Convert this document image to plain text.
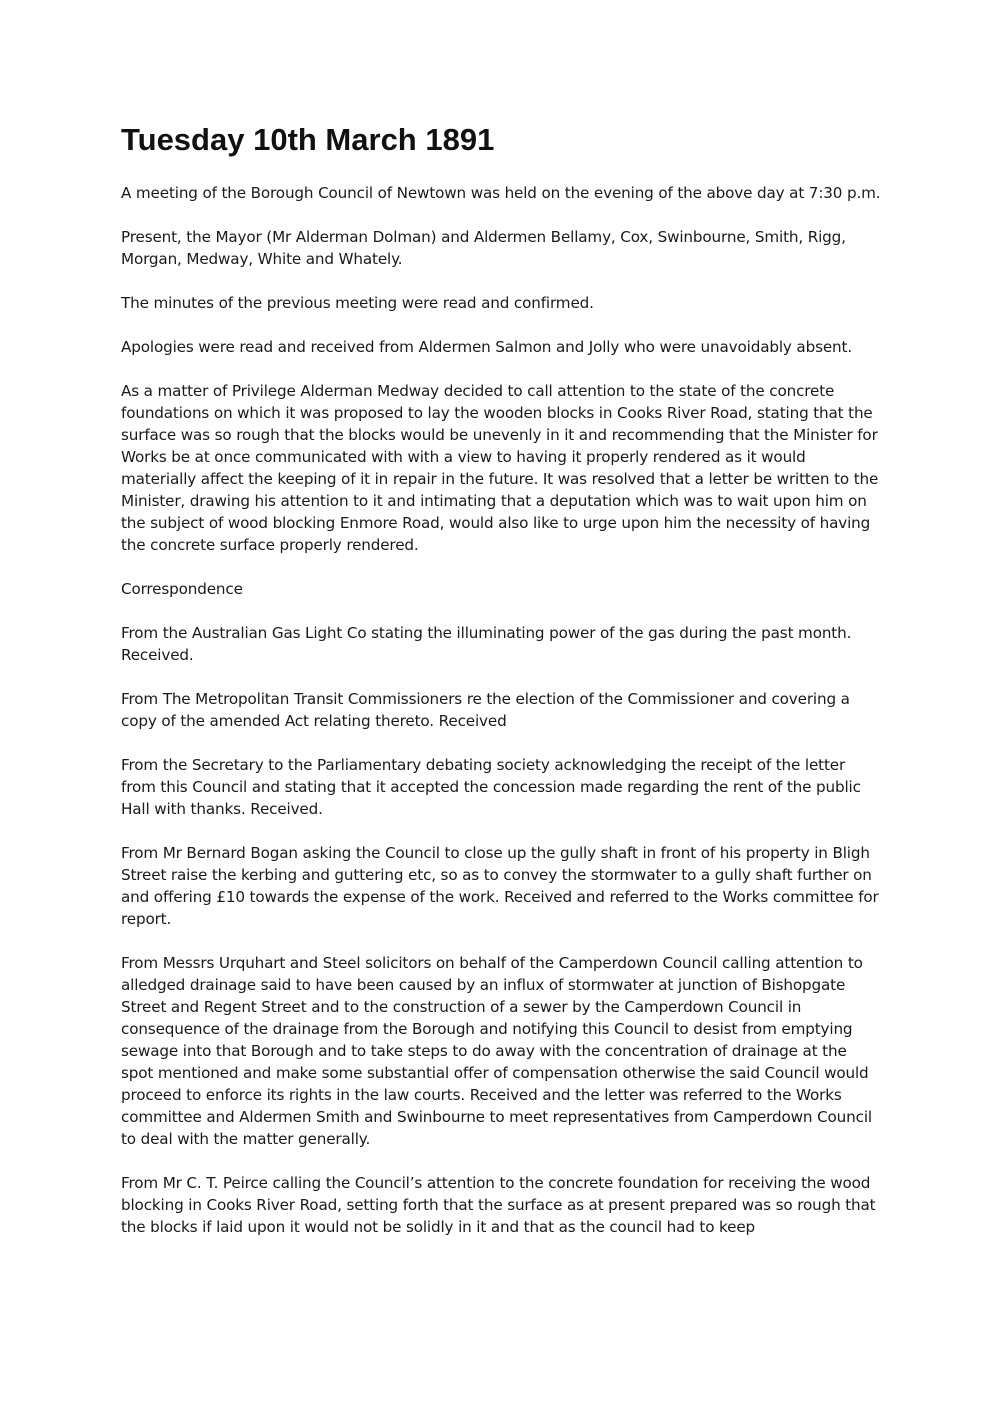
Tuesday 10th March 1891

A meeting of the Borough Council of Newtown was held on the evening of the above day at 7:30 p.m.

Present, the Mayor (Mr Alderman Dolman) and Aldermen Bellamy, Cox, Swinbourne, Smith, Rigg, Morgan, Medway, White and Whately.

The minutes of the previous meeting were read and confirmed.

Apologies were read and received from Aldermen Salmon and Jolly who were unavoidably absent.

As a matter of Privilege Alderman Medway decided to call attention to the state of the concrete foundations on which it was proposed to lay the wooden blocks in Cooks River Road, stating that the surface was so rough that the blocks would be unevenly in it and recommending that the Minister for Works be at once communicated with with a view to having it properly rendered as it would materially affect the keeping of it in repair in the future. It was resolved that a letter be written to the Minister, drawing his attention to it and intimating that a deputation which was to wait upon him on the subject of wood blocking Enmore Road, would also like to urge upon him the necessity of having the concrete surface properly rendered.

Correspondence

From the Australian Gas Light Co stating the illuminating power of the gas during the past month. Received.

From The Metropolitan Transit Commissioners re the election of the Commissioner and covering a copy of the amended Act relating thereto. Received

From the Secretary to the Parliamentary debating society acknowledging the receipt of the letter from this Council and stating that it accepted the concession made regarding the rent of the public Hall with thanks. Received.

From Mr Bernard Bogan asking the Council to close up the gully shaft in front of his property in Bligh Street raise the kerbing and guttering etc, so as to convey the stormwater to a gully shaft further on and offering £10 towards the expense of the work. Received and referred to the Works committee for report.

From Messrs Urquhart and Steel solicitors on behalf of the Camperdown Council calling attention to alledged drainage said to have been caused by an influx of stormwater at junction of Bishopgate Street and Regent Street and to the construction of a sewer by the Camperdown Council in consequence of the drainage from the Borough and notifying this Council to desist from emptying sewage into that Borough and to take steps to do away with the concentration of drainage at the spot mentioned and make some substantial offer of compensation otherwise the said Council would proceed to enforce its rights in the law courts. Received and the letter was referred to the Works committee and Aldermen Smith and Swinbourne to meet representatives from Camperdown Council to deal with the matter generally.

From Mr C. T. Peirce calling the Council’s attention to the concrete foundation for receiving the wood blocking in Cooks River Road, setting forth that the surface as at present prepared was so rough that the blocks if laid upon it would not be solidly in it and that as the council had to keep
